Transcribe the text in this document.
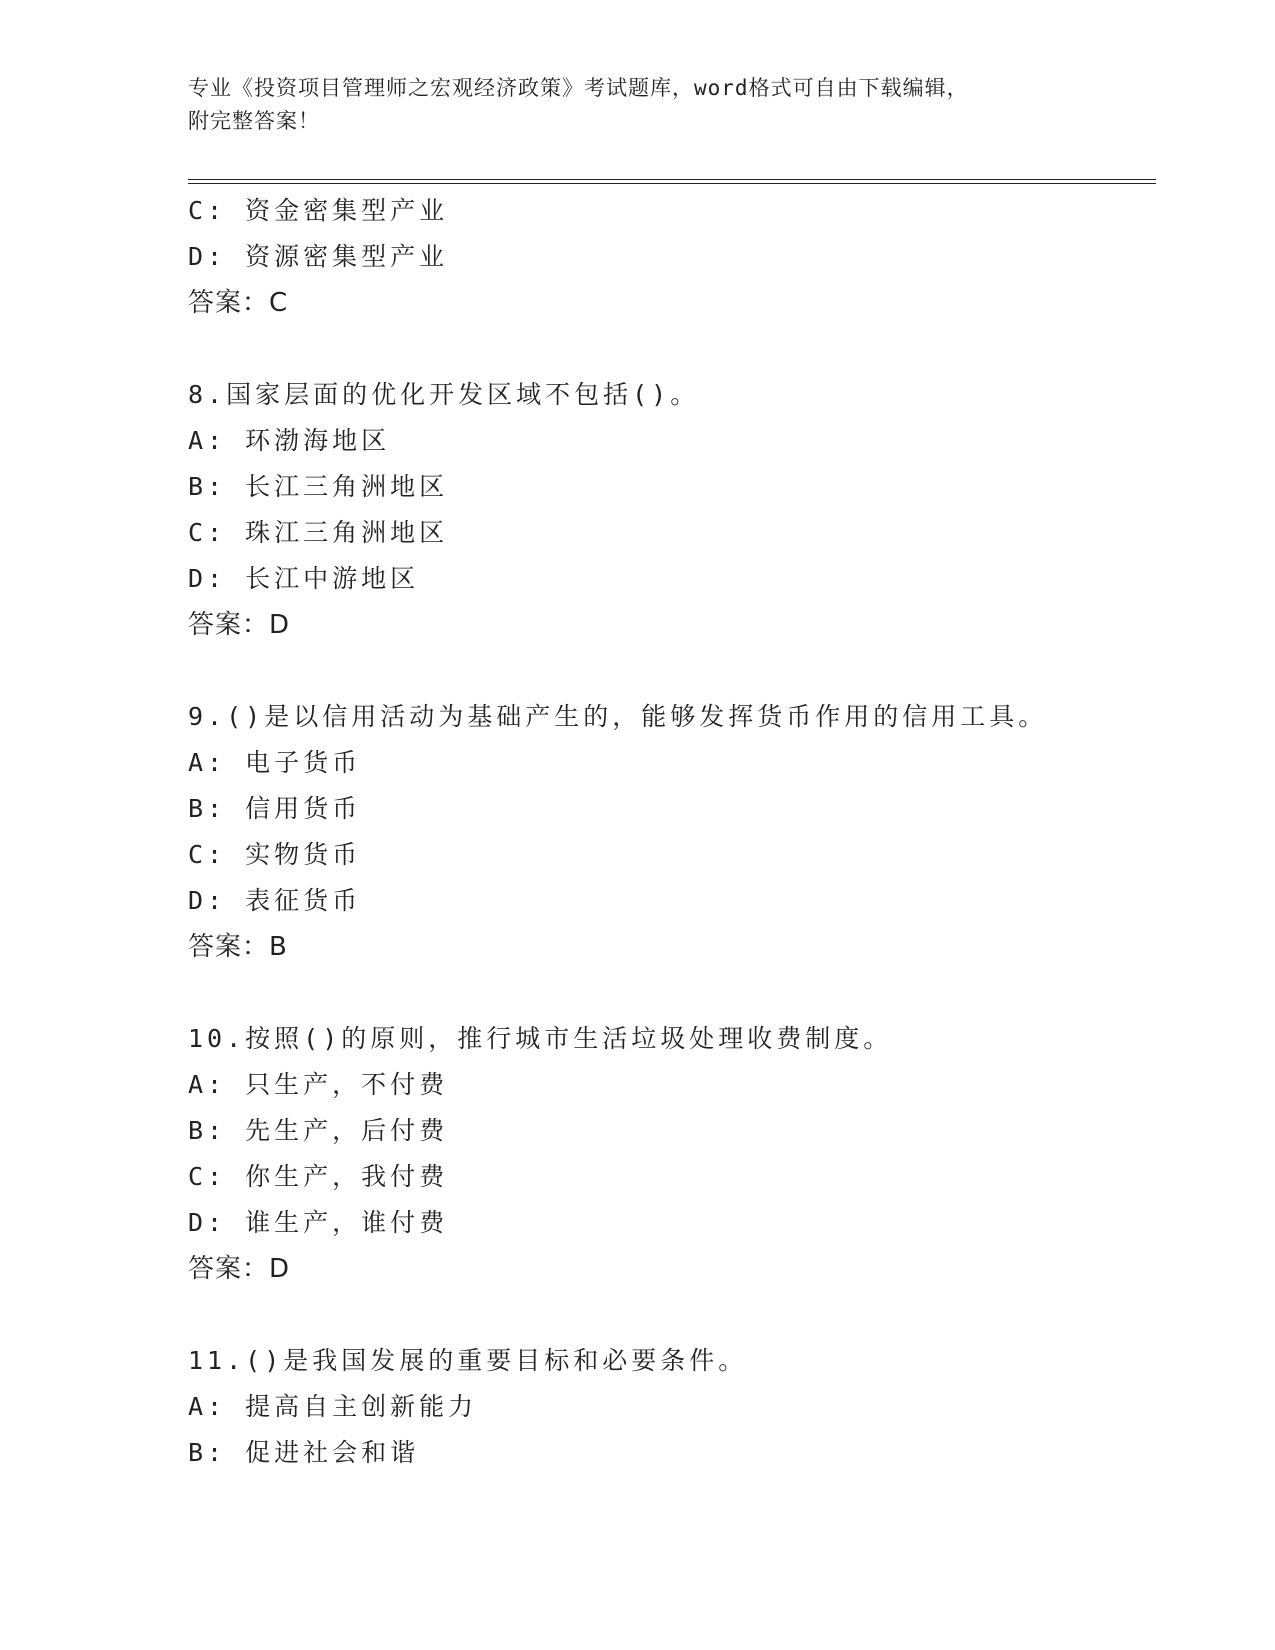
专业《投资项目管理师之宏观经济政策》考试题库，word格式可自由下载编辑，
附完整答案！
C: 资金密集型产业
D: 资源密集型产业
答案：C
8.国家层面的优化开发区域不包括()。
A: 环渤海地区
B: 长江三角洲地区
C: 珠江三角洲地区
D: 长江中游地区
答案：D
9.()是以信用活动为基础产生的，能够发挥货币作用的信用工具。
A: 电子货币
B: 信用货币
C: 实物货币
D: 表征货币
答案：B
10.按照()的原则，推行城市生活垃圾处理收费制度。
A: 只生产，不付费
B: 先生产，后付费
C: 你生产，我付费
D: 谁生产，谁付费
答案：D
11.()是我国发展的重要目标和必要条件。
A: 提高自主创新能力
B: 促进社会和谐
